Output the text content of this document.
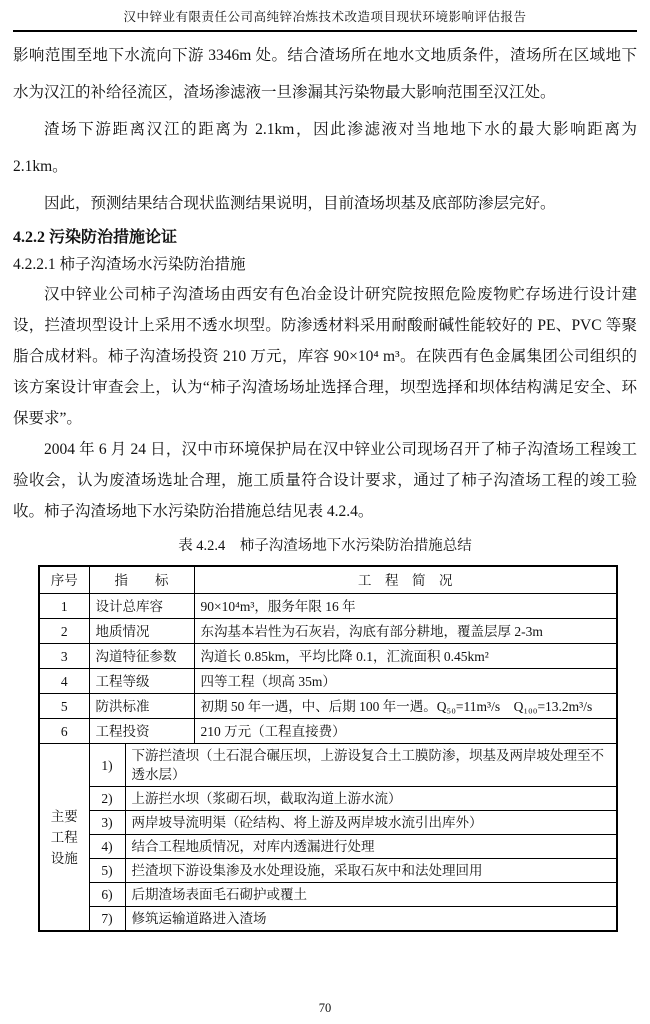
汉中锌业有限责任公司高纯锌冶炼技术改造项目现状环境影响评估报告

影响范围至地下水流向下游 3346m 处。结合渣场所在地水文地质条件，渣场所在区域地下水为汉江的补给径流区，渣场渗滤液一旦渗漏其污染物最大影响范围至汉江处。

渣场下游距离汉江的距离为 2.1km，因此渗滤液对当地地下水的最大影响距离为 2.1km。

因此，预测结果结合现状监测结果说明，目前渣场坝基及底部防渗层完好。

4.2.2 污染防治措施论证
4.2.2.1 柿子沟渣场水污染防治措施

汉中锌业公司柿子沟渣场由西安有色冶金设计研究院按照危险废物贮存场进行设计建设，拦渣坝型设计上采用不透水坝型。防渗透材料采用耐酸耐碱性能较好的 PE、PVC 等聚脂合成材料。柿子沟渣场投资 210 万元，库容 90×10⁴ m³。在陕西有色金属集团公司组织的该方案设计审查会上，认为“柿子沟渣场场址选择合理，坝型选择和坝体结构满足安全、环保要求”。

2004 年 6 月 24 日，汉中市环境保护局在汉中锌业公司现场召开了柿子沟渣场工程竣工验收会，认为废渣场选址合理，施工质量符合设计要求，通过了柿子沟渣场工程的竣工验收。柿子沟渣场地下水污染防治措施总结见表 4.2.4。

表 4.2.4　柿子沟渣场地下水污染防治措施总结
序号	指　　标		工　程　简　况
1	设计总库容		90×10⁴m³，服务年限 16 年
2	地质情况		东沟基本岩性为石灰岩，沟底有部分耕地，覆盖层厚 2-3m
3	沟道特征参数		沟道长 0.85km，平均比降 0.1，汇流面积 0.45km²
4	工程等级		四等工程（坝高 35m）
5	防洪标准		初期 50 年一遇，中、后期 100 年一遇。Q₅₀=11m³/s　Q₁₀₀=13.2m³/s
6	工程投资		210 万元（工程直接费）
主要工程设施	1)	下游拦渣坝（土石混合碾压坝，上游设复合土工膜防渗，坝基及两岸坡处理至不透水层）	
	2)	上游拦水坝（浆砌石坝，截取沟道上游水流）	
	3)	两岸坡导流明渠（砼结构、将上游及两岸坡水流引出库外）	
	4)	结合工程地质情况，对库内透漏进行处理	
	5)	拦渣坝下游设集渗及水处理设施，采取石灰中和法处理回用	
	6)	后期渣场表面毛石砌护或覆土	
	7)	修筑运输道路进入渣场	
70
